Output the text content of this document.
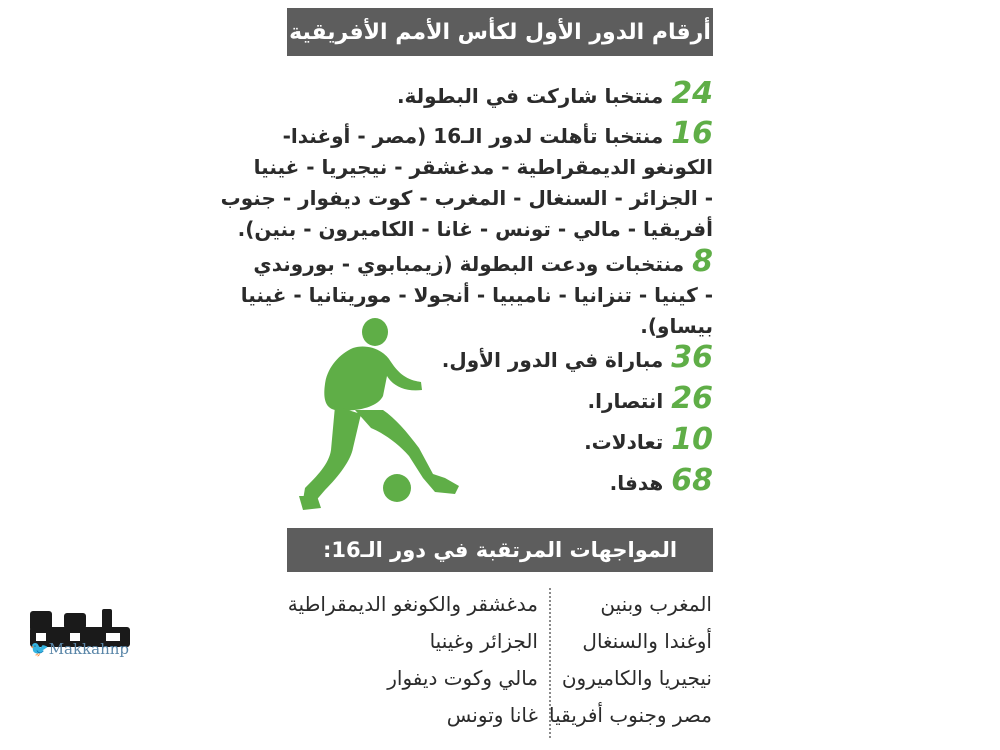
أرقام الدور الأول لكأس الأمم الأفريقية
24منتخبا شاركت في البطولة.
16منتخبا تأهلت لدور الـ16 (مصر - أوغندا-
الكونغو الديمقراطية - مدغشقر - نيجيريا - غينيا
- الجزائر - السنغال - المغرب - كوت ديفوار - جنوب
أفريقيا - مالي - تونس - غانا - الكاميرون - بنين).
8منتخبات ودعت البطولة (زيمبابوي - بوروندي
- كينيا - تنزانيا - ناميبيا - أنجولا - موريتانيا - غينيا
بيساو).
36مباراة في الدور الأول.
26انتصارا.
10تعادلات.
68هدفا.
المواجهات المرتقبة في دور الـ16:
المغرب وبنين
أوغندا والسنغال
نيجيريا والكاميرون
مصر وجنوب أفريقيا
مدغشقر والكونغو الديمقراطية
الجزائر وغينيا
مالي وكوت ديفوار
غانا وتونس
🐦Makkahnp
